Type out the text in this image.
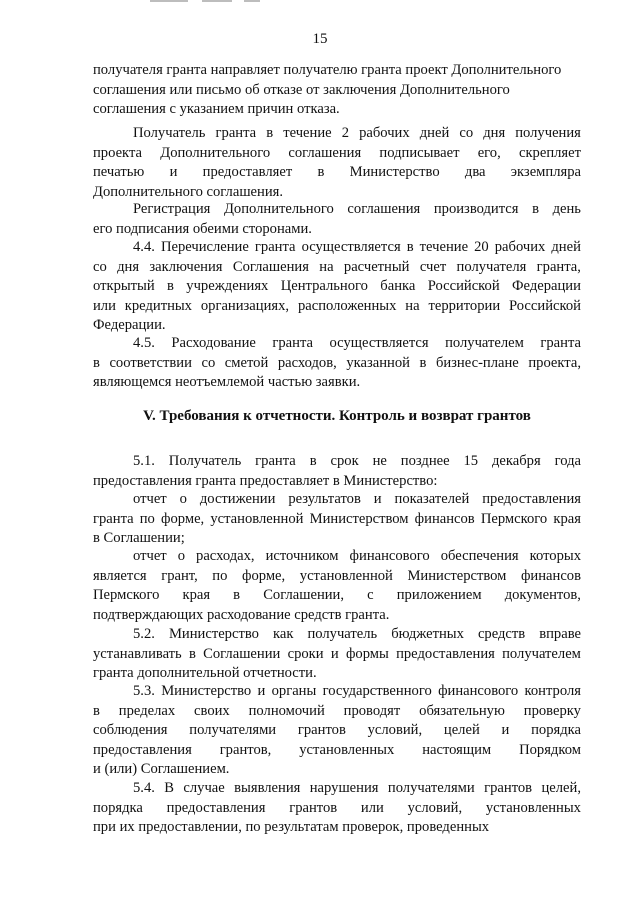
15
получателя гранта направляет получателю гранта проект Дополнительного
соглашения или письмо об отказе от заключения Дополнительного
соглашения с указанием причин отказа.
Получатель гранта в течение 2 рабочих дней со дня получения
проекта Дополнительного соглашения подписывает его, скрепляет
печатью и предоставляет в Министерство два экземпляра
Дополнительного соглашения.
Регистрация Дополнительного соглашения производится в день
его подписания обеими сторонами.
4.4. Перечисление гранта осуществляется в течение 20 рабочих дней
со дня заключения Соглашения на расчетный счет получателя гранта,
открытый в учреждениях Центрального банка Российской Федерации
или кредитных организациях, расположенных на территории Российской
Федерации.
4.5. Расходование гранта осуществляется получателем гранта
в соответствии со сметой расходов, указанной в бизнес-плане проекта,
являющемся неотъемлемой частью заявки.
V. Требования к отчетности. Контроль и возврат грантов
5.1. Получатель гранта в срок не позднее 15 декабря года
предоставления гранта предоставляет в Министерство:
отчет о достижении результатов и показателей предоставления
гранта по форме, установленной Министерством финансов Пермского края
в Соглашении;
отчет о расходах, источником финансового обеспечения которых
является грант, по форме, установленной Министерством финансов
Пермского края в Соглашении, с приложением документов,
подтверждающих расходование средств гранта.
5.2. Министерство как получатель бюджетных средств вправе
устанавливать в Соглашении сроки и формы предоставления получателем
гранта дополнительной отчетности.
5.3. Министерство и органы государственного финансового контроля
в пределах своих полномочий проводят обязательную проверку
соблюдения получателями грантов условий, целей и порядка
предоставления грантов, установленных настоящим Порядком
и (или) Соглашением.
5.4. В случае выявления нарушения получателями грантов целей,
порядка предоставления грантов или условий, установленных
при их предоставлении, по результатам проверок, проведенных
